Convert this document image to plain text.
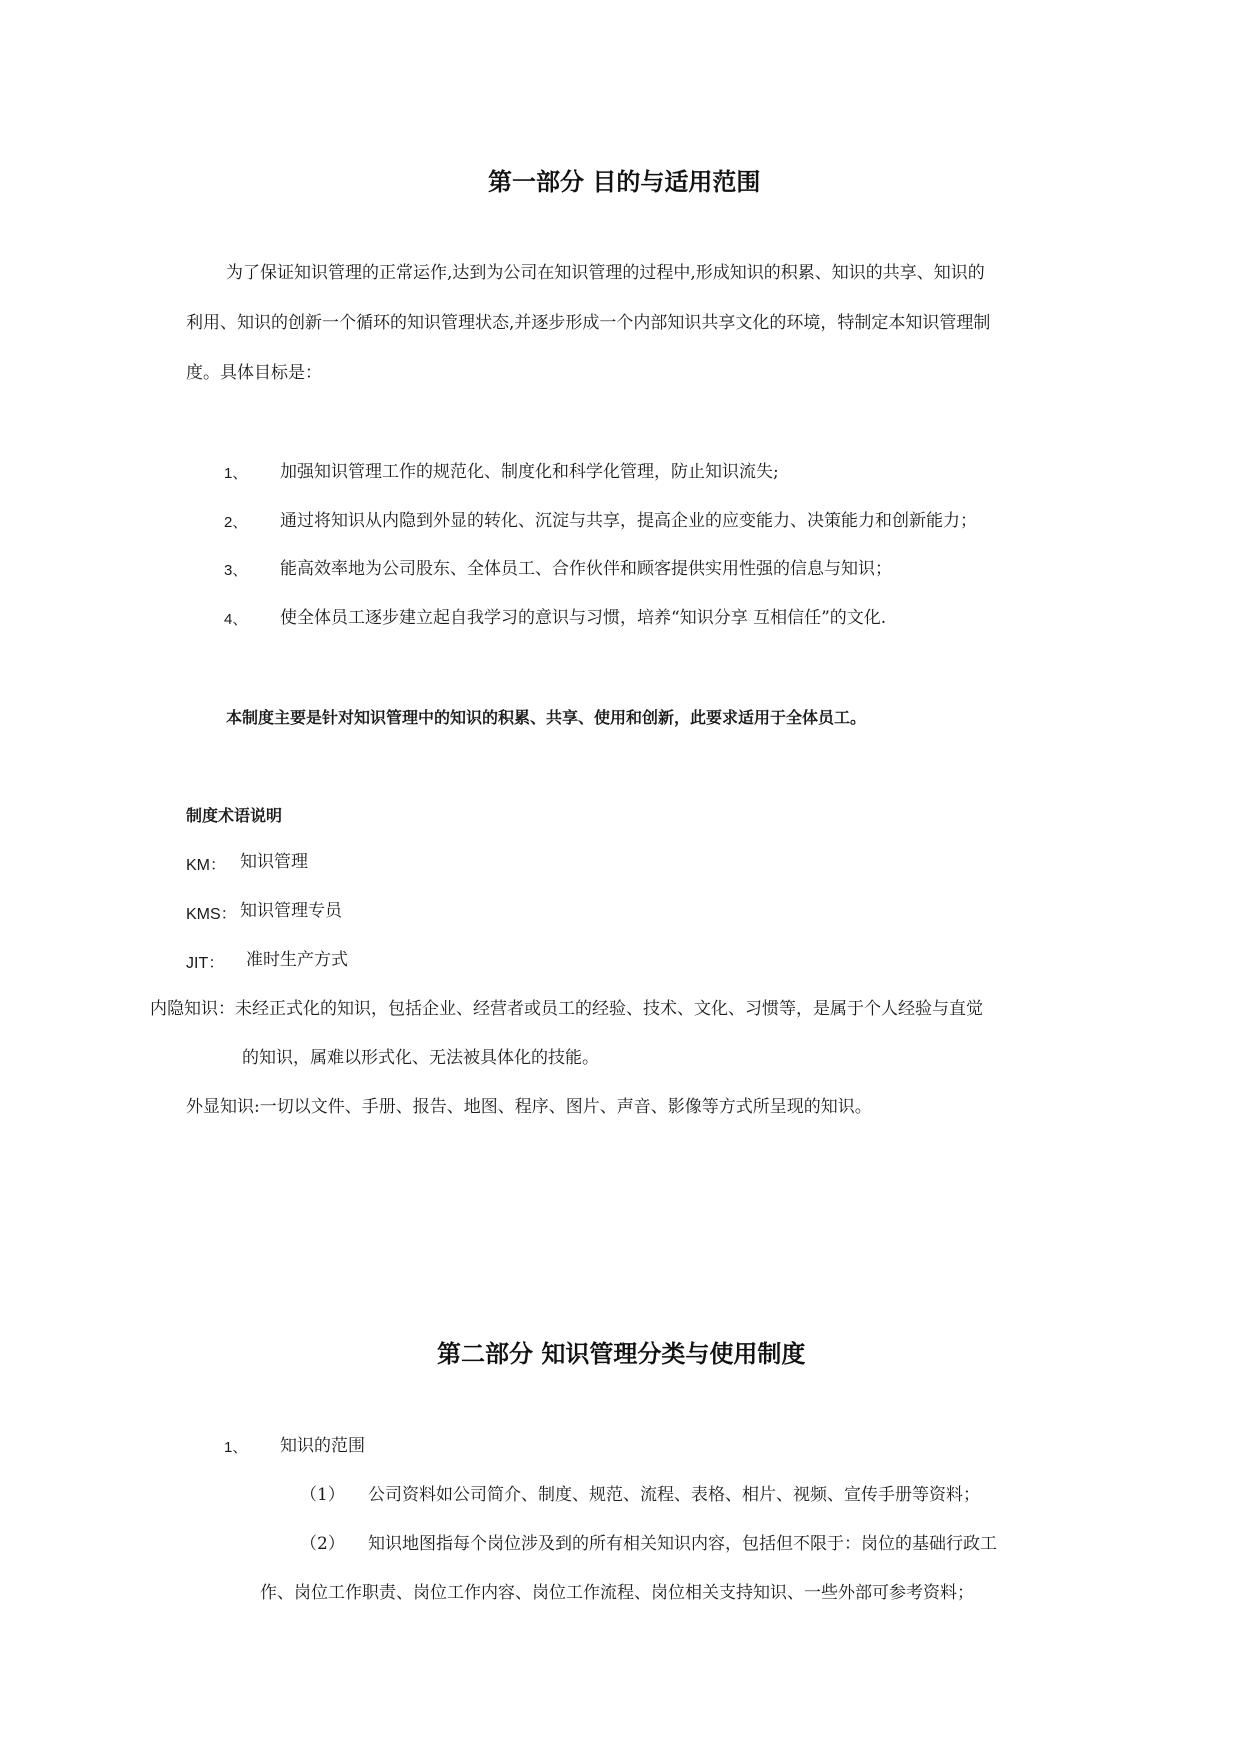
第一部分 目的与适用范围
为了保证知识管理的正常运作,达到为公司在知识管理的过程中,形成知识的积累、知识的共享、知识的
利用、知识的创新一个循环的知识管理状态,并逐步形成一个内部知识共享文化的环境，特制定本知识管理制
度。具体目标是：
1、 加强知识管理工作的规范化、制度化和科学化管理，防止知识流失;
2、 通过将知识从内隐到外显的转化、沉淀与共享，提高企业的应变能力、决策能力和创新能力；
3、 能高效率地为公司股东、全体员工、合作伙伴和顾客提供实用性强的信息与知识；
4、 使全体员工逐步建立起自我学习的意识与习惯，培养“知识分享 互相信任”的文化.
本制度主要是针对知识管理中的知识的积累、共享、使用和创新，此要求适用于全体员工。
制度术语说明
KM： 知识管理
KMS： 知识管理专员
JIT： 准时生产方式
内隐知识：未经正式化的知识，包括企业、经营者或员工的经验、技术、文化、习惯等，是属于个人经验与直觉
的知识，属难以形式化、无法被具体化的技能。
外显知识:一切以文件、手册、报告、地图、程序、图片、声音、影像等方式所呈现的知识。
第二部分 知识管理分类与使用制度
1、 知识的范围
（1） 公司资料如公司简介、制度、规范、流程、表格、相片、视频、宣传手册等资料；
（2） 知识地图指每个岗位涉及到的所有相关知识内容，包括但不限于：岗位的基础行政工
作、岗位工作职责、岗位工作内容、岗位工作流程、岗位相关支持知识、一些外部可参考资料；
